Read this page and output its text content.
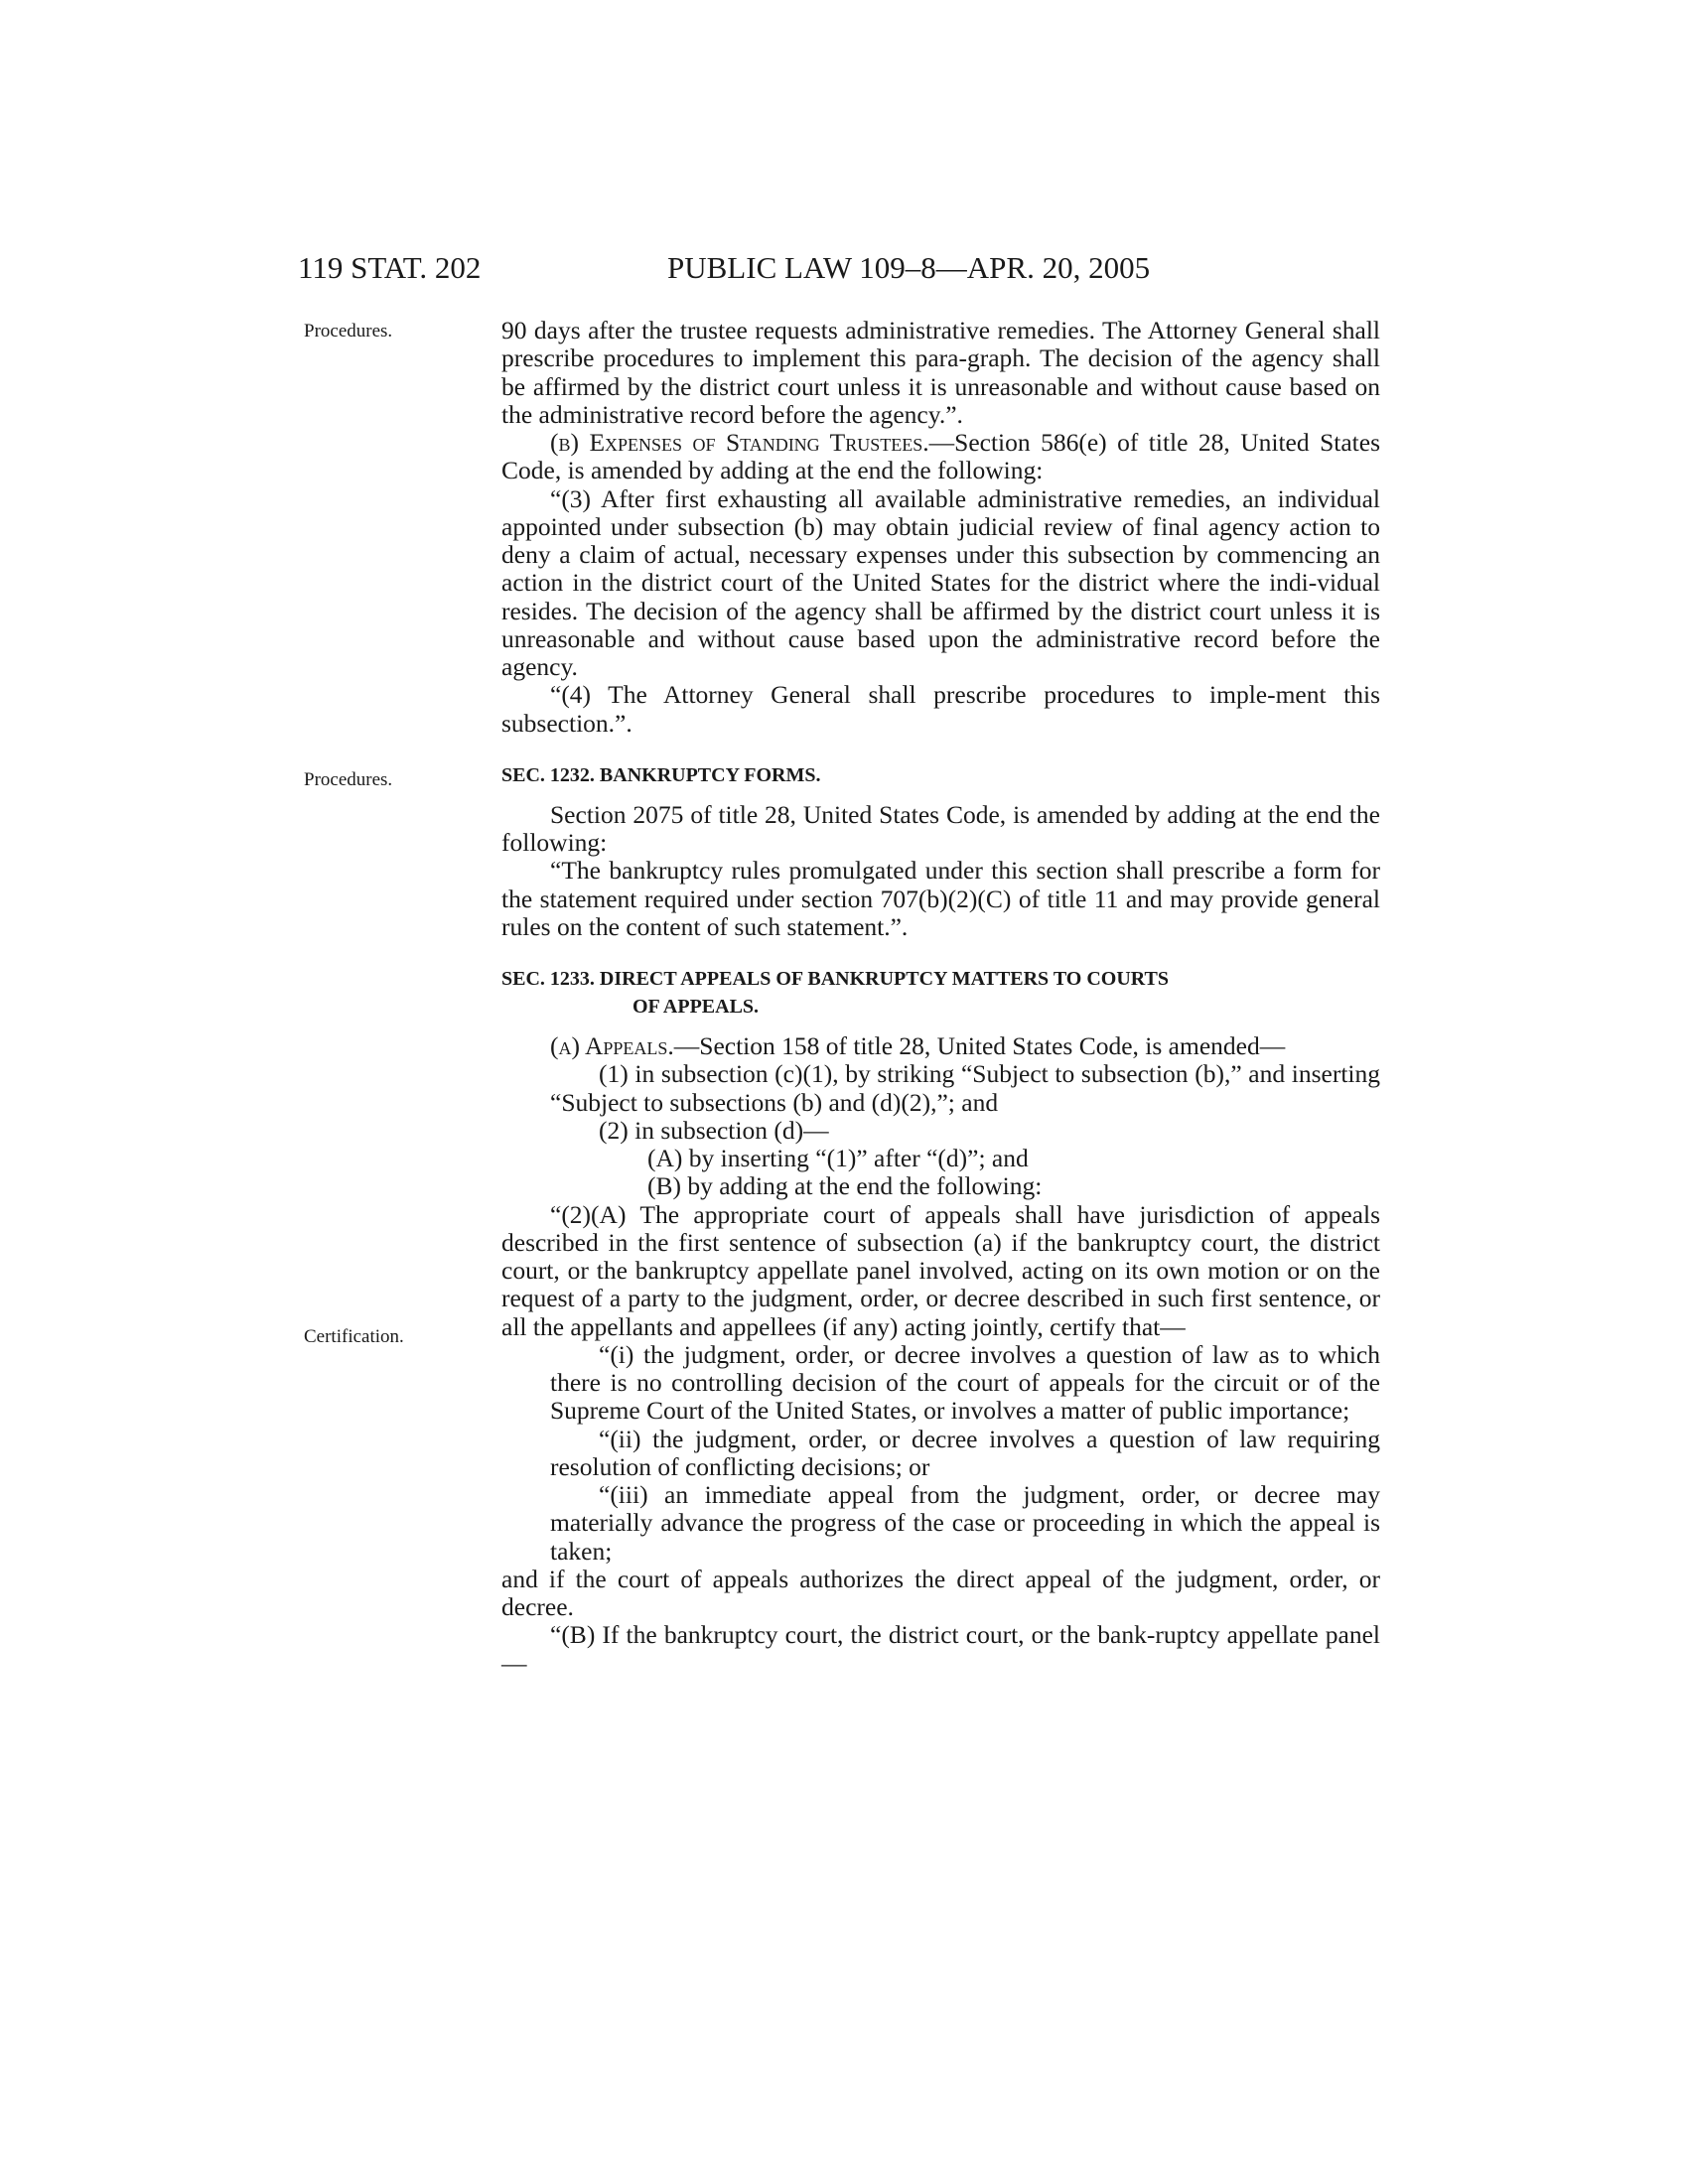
119 STAT. 202	PUBLIC LAW 109–8—APR. 20, 2005
Procedures.
Procedures.
Certification.

90 days after the trustee requests administrative remedies. The Attorney General shall prescribe procedures to implement this para-graph. The decision of the agency shall be affirmed by the district court unless it is unreasonable and without cause based on the administrative record before the agency.”.

(b) Expenses of Standing Trustees.—Section 586(e) of title 28, United States Code, is amended by adding at the end the following:

“(3) After first exhausting all available administrative remedies, an individual appointed under subsection (b) may obtain judicial review of final agency action to deny a claim of actual, necessary expenses under this subsection by commencing an action in the district court of the United States for the district where the indi-vidual resides. The decision of the agency shall be affirmed by the district court unless it is unreasonable and without cause based upon the administrative record before the agency.

“(4) The Attorney General shall prescribe procedures to imple-ment this subsection.”.

SEC. 1232. BANKRUPTCY FORMS.

Section 2075 of title 28, United States Code, is amended by adding at the end the following:

“The bankruptcy rules promulgated under this section shall prescribe a form for the statement required under section 707(b)(2)(C) of title 11 and may provide general rules on the content of such statement.”.

SEC. 1233. DIRECT APPEALS OF BANKRUPTCY MATTERS TO COURTS
OF APPEALS.

(a) Appeals.—Section 158 of title 28, United States Code, is amended—

(1) in subsection (c)(1), by striking “Subject to subsection (b),” and inserting “Subject to subsections (b) and (d)(2),”; and

(2) in subsection (d)—

(A) by inserting “(1)” after “(d)”; and

(B) by adding at the end the following:

“(2)(A) The appropriate court of appeals shall have jurisdiction of appeals described in the first sentence of subsection (a) if the bankruptcy court, the district court, or the bankruptcy appellate panel involved, acting on its own motion or on the request of a party to the judgment, order, or decree described in such first sentence, or all the appellants and appellees (if any) acting jointly, certify that—

“(i) the judgment, order, or decree involves a question of law as to which there is no controlling decision of the court of appeals for the circuit or of the Supreme Court of the United States, or involves a matter of public importance;

“(ii) the judgment, order, or decree involves a question of law requiring resolution of conflicting decisions; or

“(iii) an immediate appeal from the judgment, order, or decree may materially advance the progress of the case or proceeding in which the appeal is taken;

and if the court of appeals authorizes the direct appeal of the judgment, order, or decree.

“(B) If the bankruptcy court, the district court, or the bank-ruptcy appellate panel—
